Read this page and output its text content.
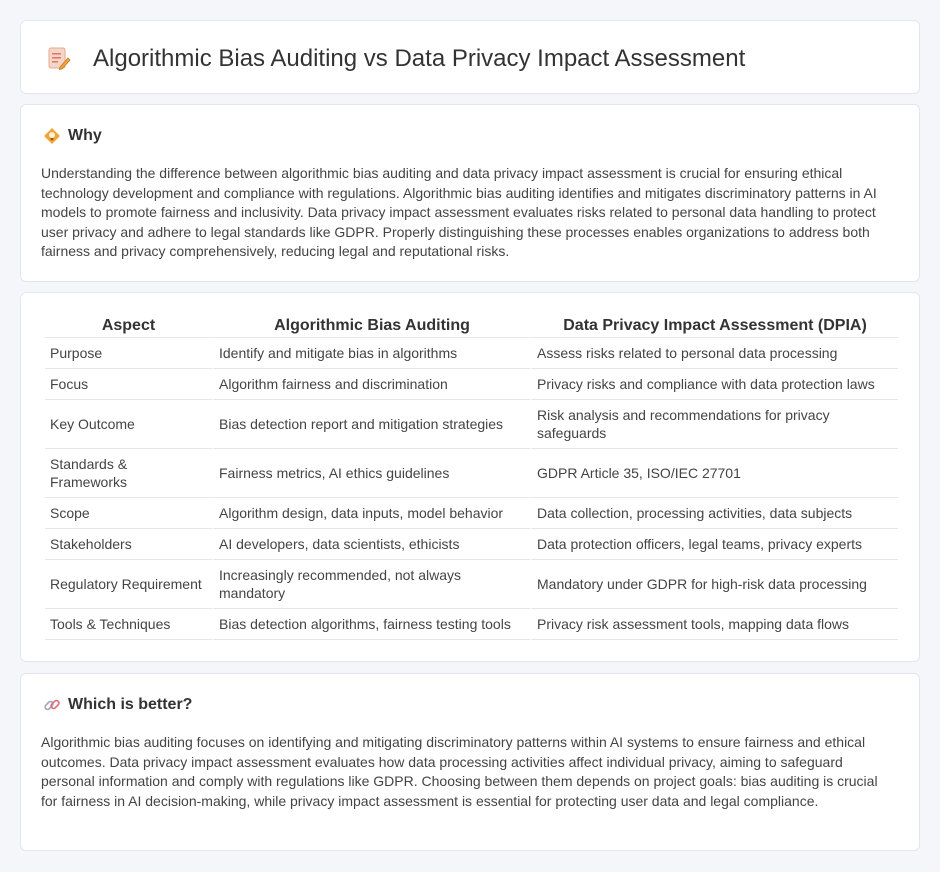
Algorithmic Bias Auditing vs Data Privacy Impact Assessment
Why

Understanding the difference between algorithmic bias auditing and data privacy impact assessment is crucial for ensuring ethical technology development and compliance with regulations. Algorithmic bias auditing identifies and mitigates discriminatory patterns in AI models to promote fairness and inclusivity. Data privacy impact assessment evaluates risks related to personal data handling to protect user privacy and adhere to legal standards like GDPR. Properly distinguishing these processes enables organizations to address both fairness and privacy comprehensively, reducing legal and reputational risks.

Aspect	Algorithmic Bias Auditing	Data Privacy Impact Assessment (DPIA)
Purpose	Identify and mitigate bias in algorithms	Assess risks related to personal data processing
Focus	Algorithm fairness and discrimination	Privacy risks and compliance with data protection laws
Key Outcome	Bias detection report and mitigation strategies	Risk analysis and recommendations for privacy safeguards
Standards & Frameworks	Fairness metrics, AI ethics guidelines	GDPR Article 35, ISO/IEC 27701
Scope	Algorithm design, data inputs, model behavior	Data collection, processing activities, data subjects
Stakeholders	AI developers, data scientists, ethicists	Data protection officers, legal teams, privacy experts
Regulatory Requirement	Increasingly recommended, not always mandatory	Mandatory under GDPR for high-risk data processing
Tools & Techniques	Bias detection algorithms, fairness testing tools	Privacy risk assessment tools, mapping data flows
Which is better?

Algorithmic bias auditing focuses on identifying and mitigating discriminatory patterns within AI systems to ensure fairness and ethical outcomes. Data privacy impact assessment evaluates how data processing activities affect individual privacy, aiming to safeguard personal information and comply with regulations like GDPR. Choosing between them depends on project goals: bias auditing is crucial for fairness in AI decision-making, while privacy impact assessment is essential for protecting user data and legal compliance.
